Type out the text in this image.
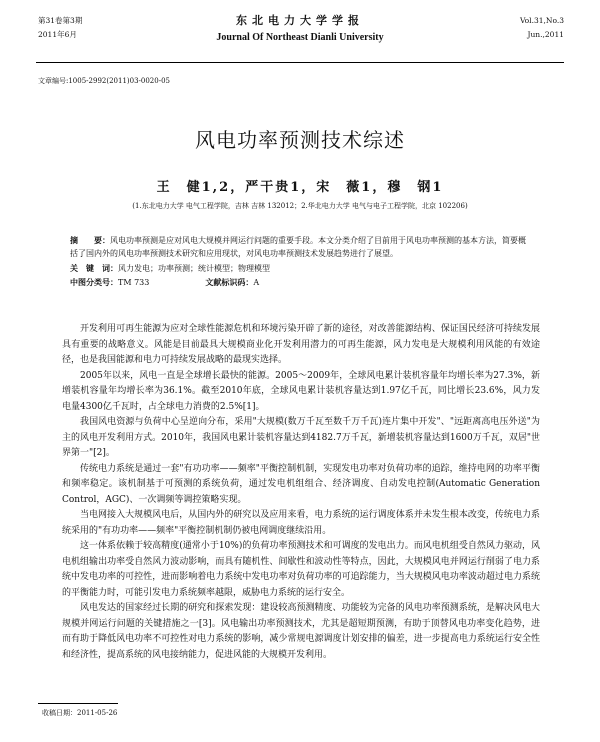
第31卷第3期
2011年6月
东北电力大学学报
Journal Of Northeast Dianli University
Vol.31,No.3
Jun.,2011
文章编号:1005-2992(2011)03-0020-05
风电功率预测技术综述
王　健1,2，严干贵1，宋　薇1，穆　钢1
(1.东北电力大学 电气工程学院，吉林 吉林 132012；2.华北电力大学 电气与电子工程学院，北京 102206)
摘　　要：风电功率预测是应对风电大规模并网运行问题的重要手段。本文分类介绍了目前用于风电功率预测的基本方法，简要概括了国内外的风电功率预测技术研究和应用现状，对风电功率预测技术发展趋势进行了展望。
关　键　词：风力发电；功率预测；统计模型；物理模型
中图分类号：TM 733	文献标识码：A

开发利用可再生能源为应对全球性能源危机和环境污染开辟了新的途径，对改善能源结构、保证国民经济可持续发展具有重要的战略意义。风能是目前最具大规模商业化开发利用潜力的可再生能源，风力发电是大规模利用风能的有效途径，也是我国能源和电力可持续发展战略的最现实选择。

2005年以来，风电一直是全球增长最快的能源。2005～2009年，全球风电累计装机容量年均增长率为27.3%，新增装机容量年均增长率为36.1%。截至2010年底，全球风电累计装机容量达到1.97亿千瓦，同比增长23.6%，风力发电量4300亿千瓦时，占全球电力消费的2.5%[1]。

我国风电资源与负荷中心呈逆向分布，采用"大规模(数万千瓦至数千万千瓦)连片集中开发"、"远距离高电压外送"为主的风电开发利用方式。2010年，我国风电累计装机容量达到4182.7万千瓦，新增装机容量达到1600万千瓦，双居"世界第一"[2]。

传统电力系统是通过一套"有功功率——频率"平衡控制机制，实现发电功率对负荷功率的追踪，维持电网的功率平衡和频率稳定。该机制基于可预测的系统负荷，通过发电机组组合、经济调度、自动发电控制(Automatic Generation Control，AGC)、一次调频等调控策略实现。

当电网接入大规模风电后，从国内外的研究以及应用来看，电力系统的运行调度体系并未发生根本改变，传统电力系统采用的"有功功率——频率"平衡控制机制仍被电网调度继续沿用。

这一体系依赖于较高精度(通常小于10%)的负荷功率预测技术和可调度的发电出力。而风电机组受自然风力驱动，风电机组输出功率受自然风力波动影响，而具有随机性、间歇性和波动性等特点，因此，大规模风电并网运行削弱了电力系统中发电功率的可控性，进而影响着电力系统中发电功率对负荷功率的可追踪能力，当大规模风电功率波动超过电力系统的平衡能力时，可能引发电力系统频率越限，威胁电力系统的运行安全。

风电发达的国家经过长期的研究和探索发现：建设较高预测精度、功能较为完备的风电功率预测系统，是解决风电大规模并网运行问题的关键措施之一[3]。风电输出功率预测技术，尤其是超短期预测，有助于顶替风电功率变化趋势，进而有助于降低风电功率不可控性对电力系统的影响，减少常规电源调度计划安排的偏差，进一步提高电力系统运行安全性和经济性，提高系统的风电接纳能力，促进风能的大规模开发利用。

收稿日期：2011-05-26
